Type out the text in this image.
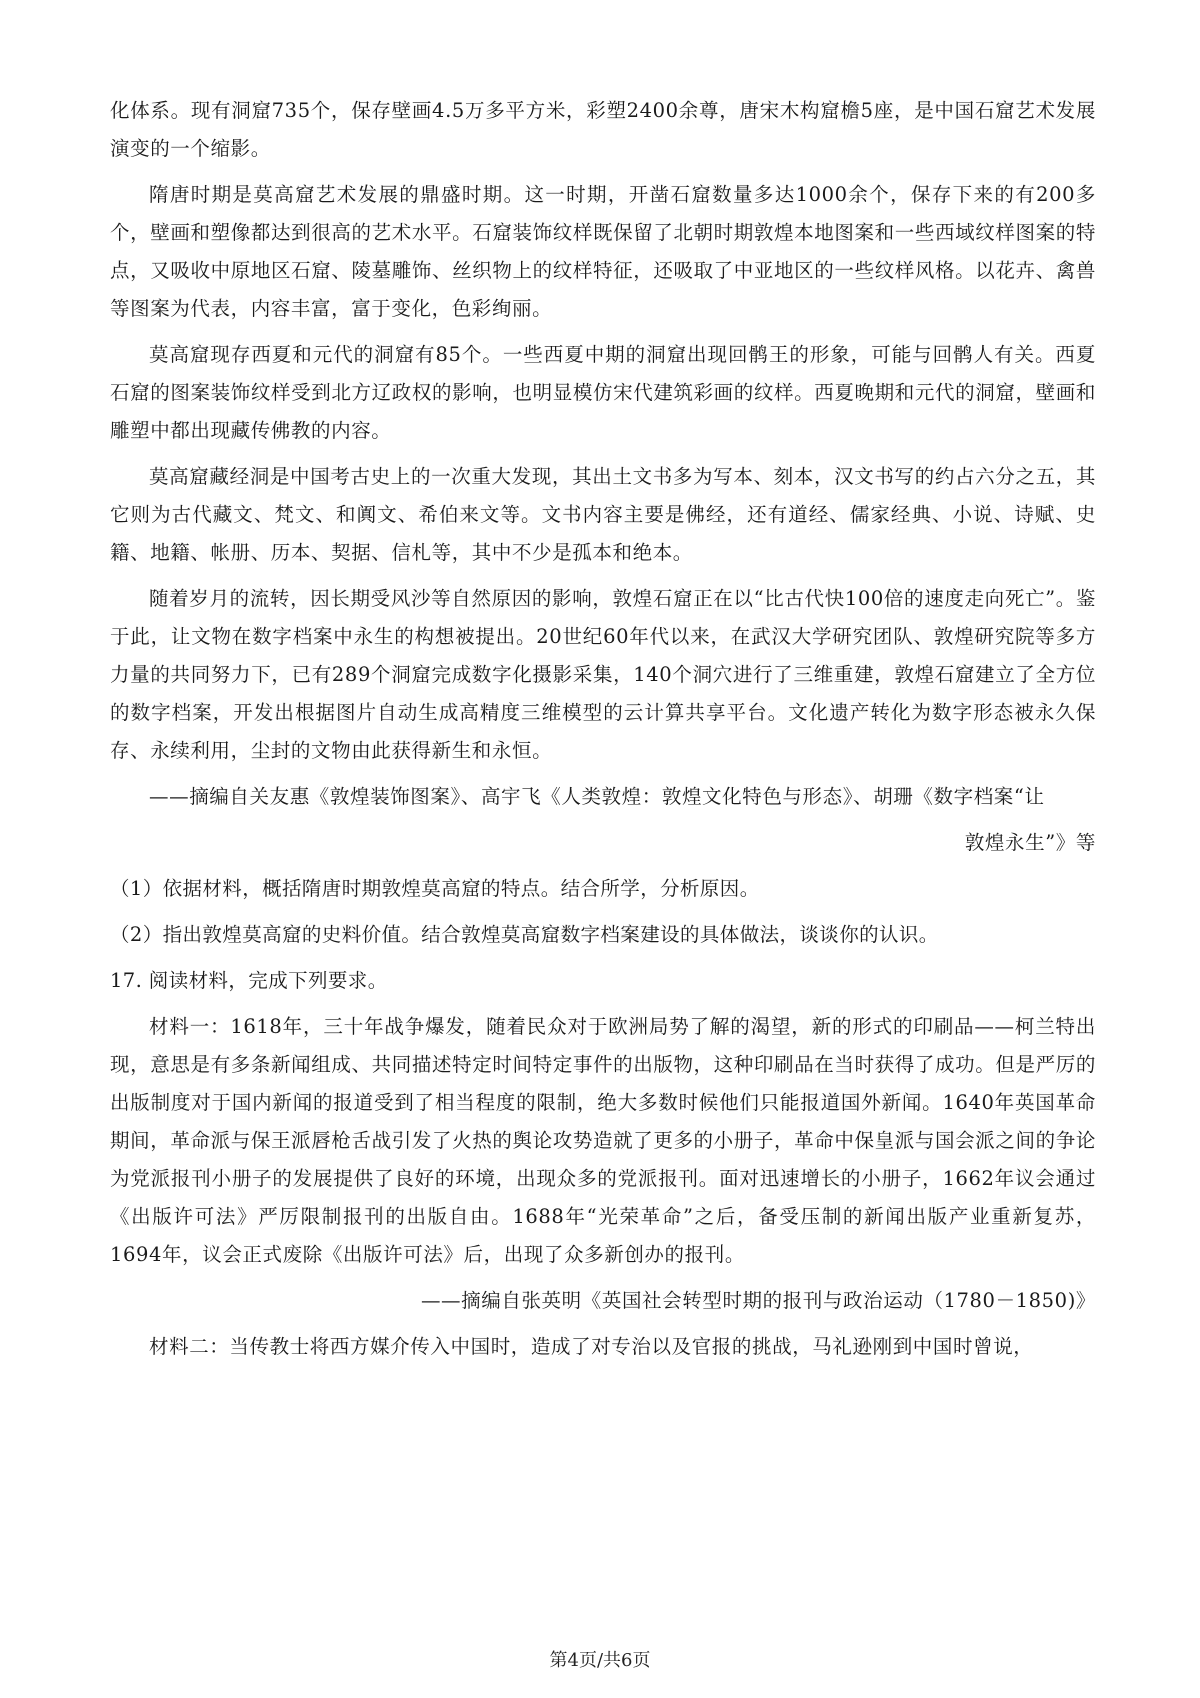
化体系。现有洞窟735个，保存壁画4.5万多平方米，彩塑2400余尊，唐宋木构窟檐5座，是中国石窟艺术发展演变的一个缩影。

隋唐时期是莫高窟艺术发展的鼎盛时期。这一时期，开凿石窟数量多达1000余个，保存下来的有200多个，壁画和塑像都达到很高的艺术水平。石窟装饰纹样既保留了北朝时期敦煌本地图案和一些西域纹样图案的特点，又吸收中原地区石窟、陵墓雕饰、丝织物上的纹样特征，还吸取了中亚地区的一些纹样风格。以花卉、禽兽等图案为代表，内容丰富，富于变化，色彩绚丽。

莫高窟现存西夏和元代的洞窟有85个。一些西夏中期的洞窟出现回鹘王的形象，可能与回鹘人有关。西夏石窟的图案装饰纹样受到北方辽政权的影响，也明显模仿宋代建筑彩画的纹样。西夏晚期和元代的洞窟，壁画和雕塑中都出现藏传佛教的内容。

莫高窟藏经洞是中国考古史上的一次重大发现，其出土文书多为写本、刻本，汉文书写的约占六分之五，其它则为古代藏文、梵文、和阗文、希伯来文等。文书内容主要是佛经，还有道经、儒家经典、小说、诗赋、史籍、地籍、帐册、历本、契据、信札等，其中不少是孤本和绝本。

随着岁月的流转，因长期受风沙等自然原因的影响，敦煌石窟正在以“比古代快100倍的速度走向死亡”。鉴于此，让文物在数字档案中永生的构想被提出。20世纪60年代以来，在武汉大学研究团队、敦煌研究院等多方力量的共同努力下，已有289个洞窟完成数字化摄影采集，140个洞穴进行了三维重建，敦煌石窟建立了全方位的数字档案，开发出根据图片自动生成高精度三维模型的云计算共享平台。文化遗产转化为数字形态被永久保存、永续利用，尘封的文物由此获得新生和永恒。

——摘编自关友惠《敦煌装饰图案》、高宇飞《人类敦煌：敦煌文化特色与形态》、胡珊《数字档案“让
敦煌永生”》等
（1）依据材料，概括隋唐时期敦煌莫高窟的特点。结合所学，分析原因。
（2）指出敦煌莫高窟的史料价值。结合敦煌莫高窟数字档案建设的具体做法，谈谈你的认识。
17. 阅读材料，完成下列要求。

材料一：1618年，三十年战争爆发，随着民众对于欧洲局势了解的渴望，新的形式的印刷品——柯兰特出现，意思是有多条新闻组成、共同描述特定时间特定事件的出版物，这种印刷品在当时获得了成功。但是严厉的出版制度对于国内新闻的报道受到了相当程度的限制，绝大多数时候他们只能报道国外新闻。1640年英国革命期间，革命派与保王派唇枪舌战引发了火热的舆论攻势造就了更多的小册子，革命中保皇派与国会派之间的争论为党派报刊小册子的发展提供了良好的环境，出现众多的党派报刊。面对迅速增长的小册子，1662年议会通过《出版许可法》严厉限制报刊的出版自由。1688年“光荣革命”之后，备受压制的新闻出版产业重新复苏，1694年，议会正式废除《出版许可法》后，出现了众多新创办的报刊。

——摘编自张英明《英国社会转型时期的报刊与政治运动（1780－1850)》

材料二：当传教士将西方媒介传入中国时，造成了对专治以及官报的挑战，马礼逊刚到中国时曾说，

第4页/共6页
